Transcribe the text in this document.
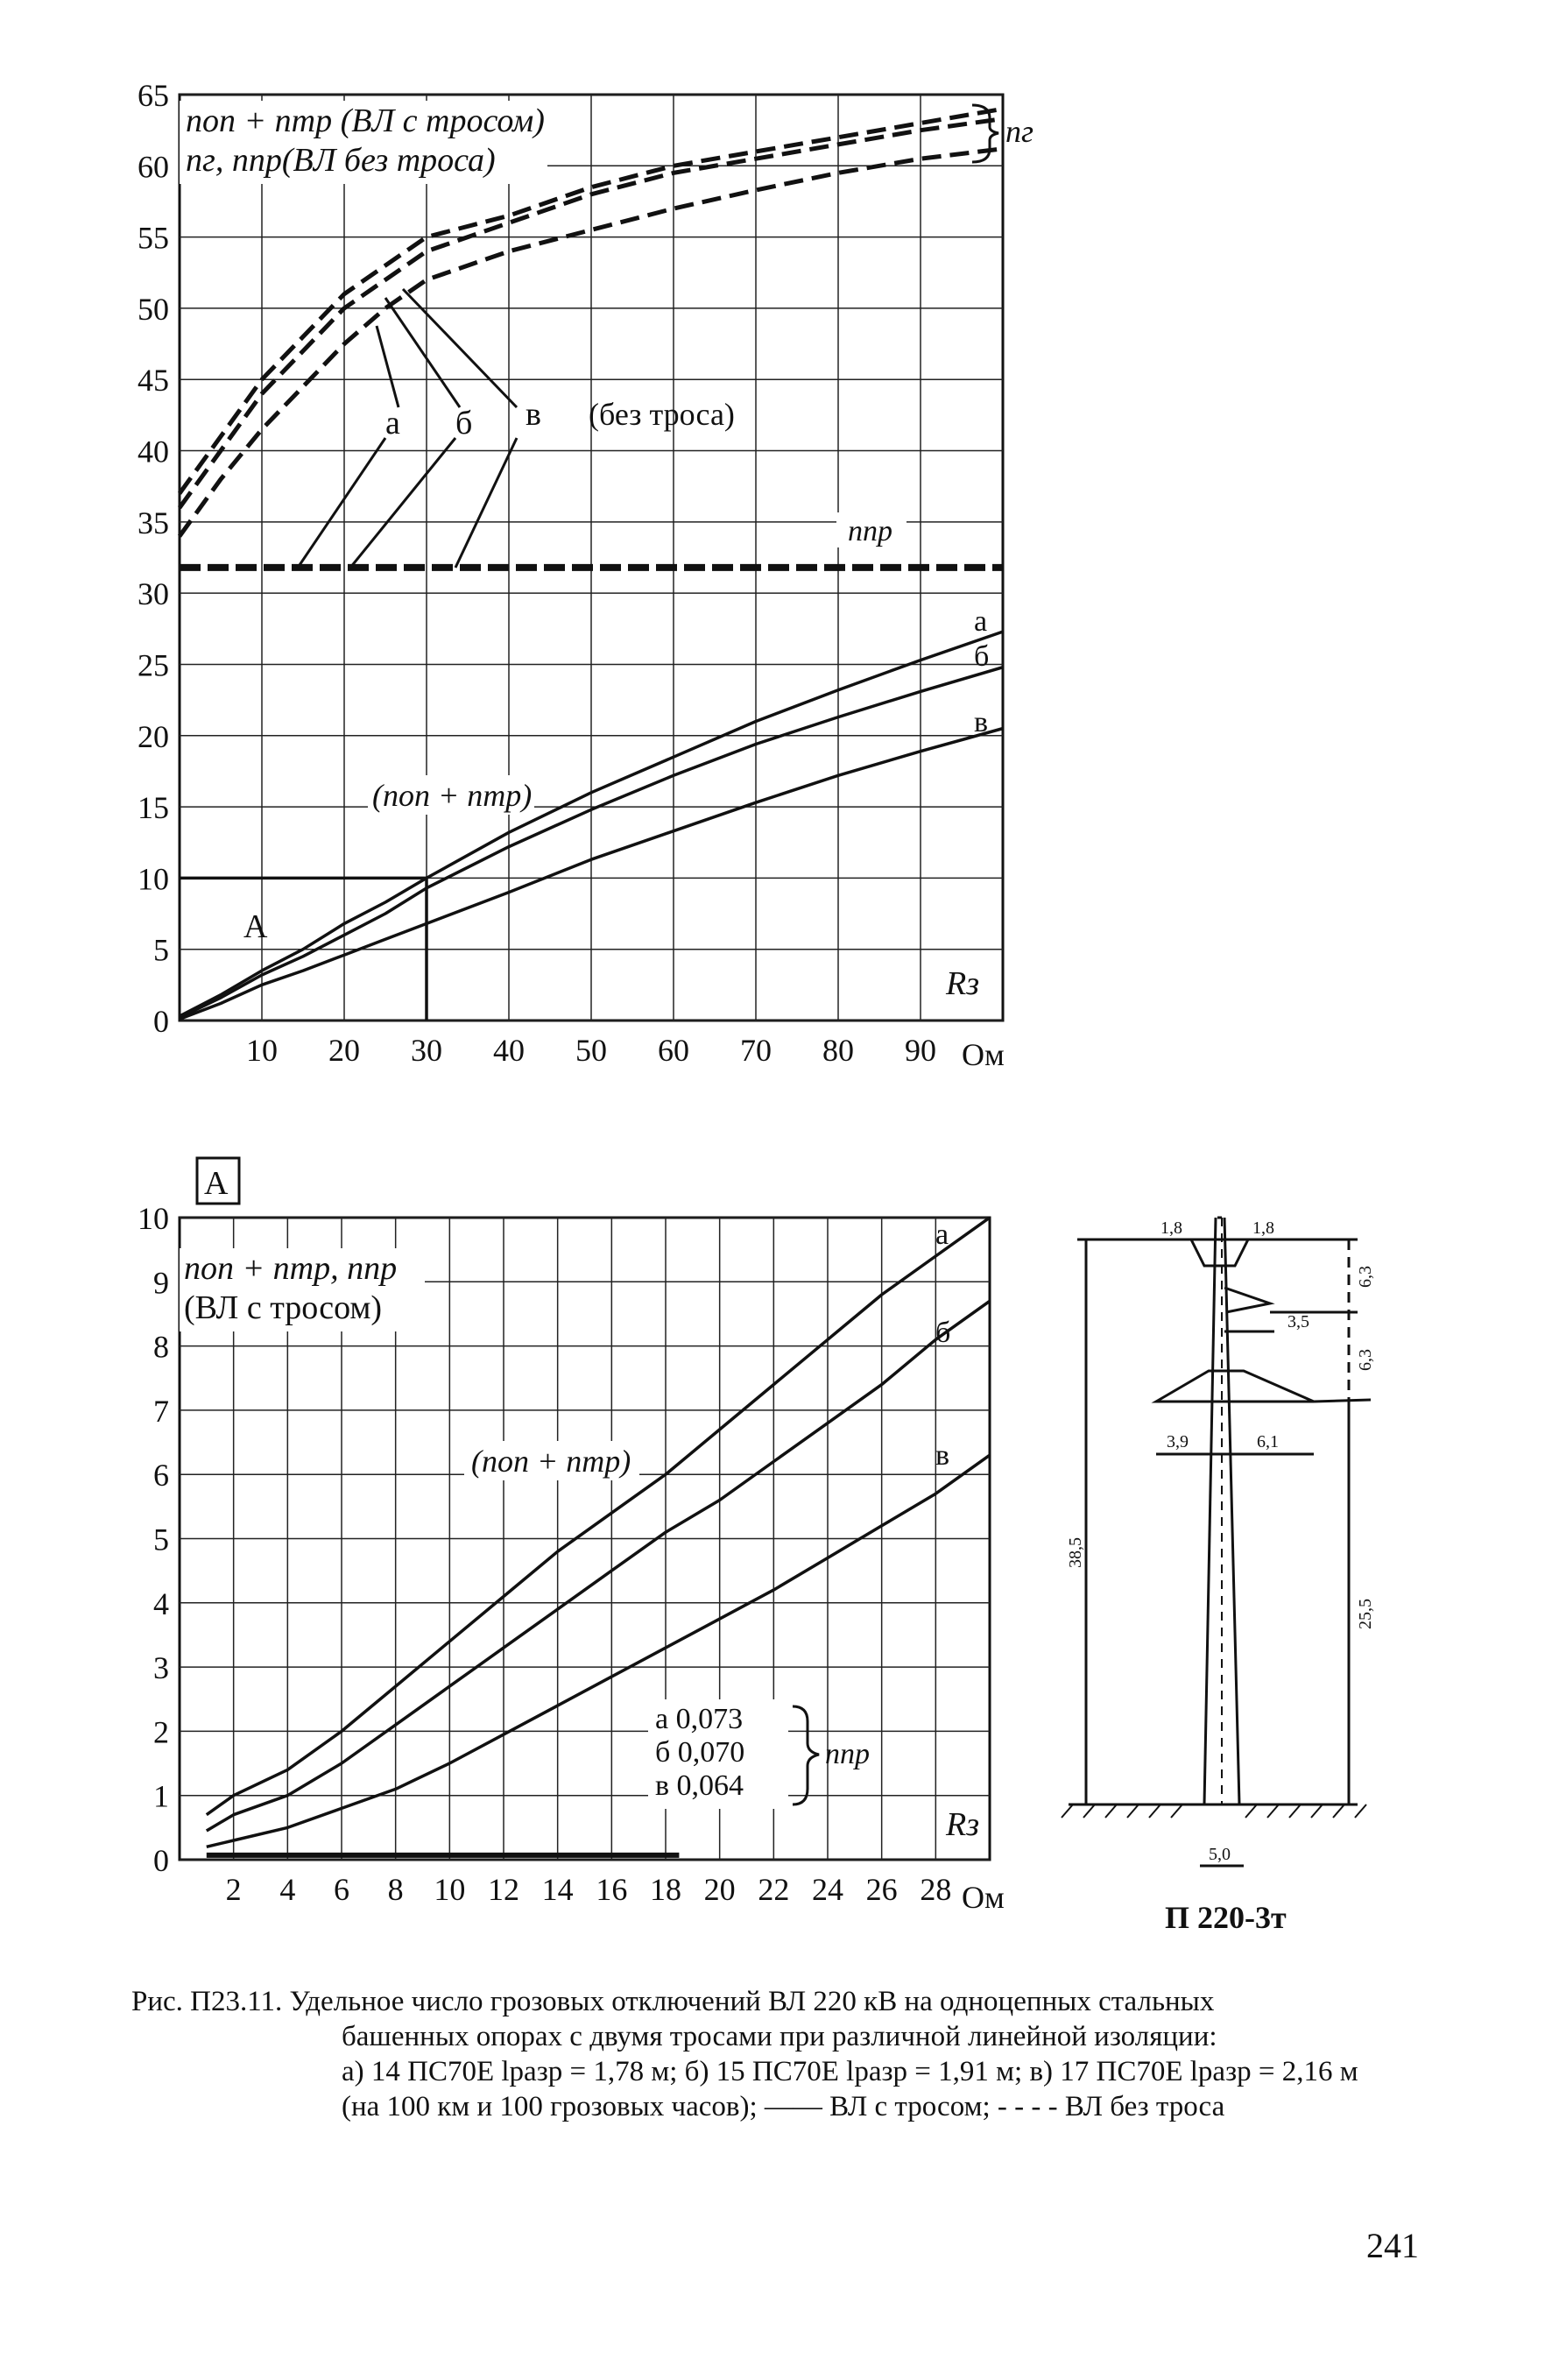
10 20 30 40 50 60 70 80 90
0
5
10
15
20
25
30
35
40
45
50
55
60
65
nоп + nтр (ВЛ с тросом)
nг, nпр(ВЛ без троса)
nг
nпр
(nоп + nтр)
а б в (без троса)
а
б
в
А
Rз
Ом
2 4 6 8 10 12 14 16 18 20 22 24 26 28
0
1
2
3
4
5
6
7
8
9
10
А
nоп + nтр, nпр
(ВЛ с тросом)
(nоп + nтр)
а
б
в
а 0,073
б 0,070
в 0,064
nпр
Rз
Ом
1,8	1,8
6,3
3,5
6,3
3,9	6,1
38,5
25,5
5,0
П 220-3т
Рис. П23.11. Удельное число грозовых отключений ВЛ 220 кВ на одноцепных стальных
башенных опорах с двумя тросами при различной линейной изоляции:
а) 14 ПС70Е lразр = 1,78 м; б) 15 ПС70Е lразр = 1,91 м; в) 17 ПС70Е lразр = 2,16 м
(на 100 км и 100 грозовых часов); —— ВЛ с тросом; - - - - ВЛ без троса
241
